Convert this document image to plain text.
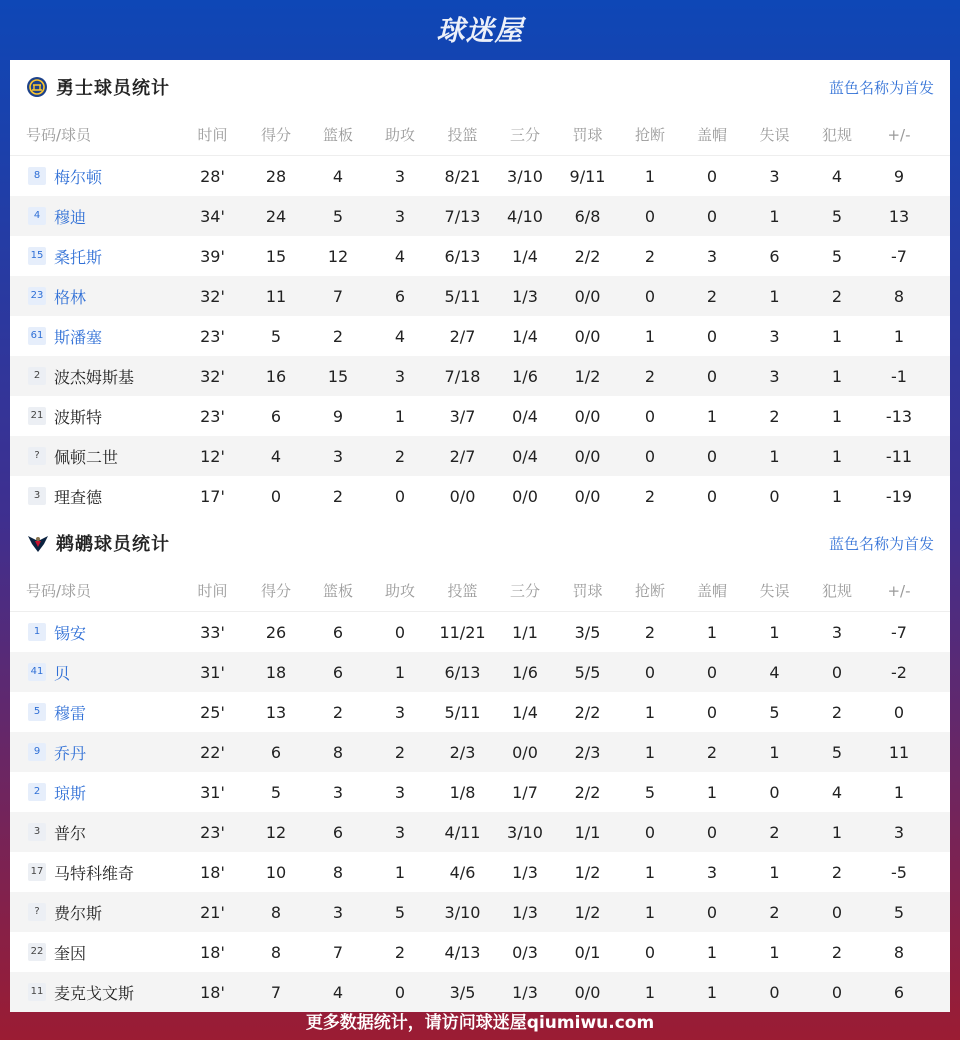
球迷屋
勇士球员统计	蓝色名称为首发
号码/球员	时间	得分	篮板	助攻	投篮	三分	罚球	抢断	盖帽	失误	犯规	+/-
8 梅尔顿	28'	28	4	3	8/21	3/10	9/11	1	0	3	4	9
4 穆迪	34'	24	5	3	7/13	4/10	6/8	0	0	1	5	13
15 桑托斯	39'	15	12	4	6/13	1/4	2/2	2	3	6	5	-7
23 格林	32'	11	7	6	5/11	1/3	0/0	0	2	1	2	8
61 斯潘塞	23'	5	2	4	2/7	1/4	0/0	1	0	3	1	1
2 波杰姆斯基	32'	16	15	3	7/18	1/6	1/2	2	0	3	1	-1
21 波斯特	23'	6	9	1	3/7	0/4	0/0	0	1	2	1	-13
? 佩顿二世	12'	4	3	2	2/7	0/4	0/0	0	0	1	1	-11
3 理查德	17'	0	2	0	0/0	0/0	0/0	2	0	0	1	-19
鹈鹕球员统计	蓝色名称为首发
号码/球员	时间	得分	篮板	助攻	投篮	三分	罚球	抢断	盖帽	失误	犯规	+/-
1 锡安	33'	26	6	0	11/21	1/1	3/5	2	1	1	3	-7
41 贝	31'	18	6	1	6/13	1/6	5/5	0	0	4	0	-2
5 穆雷	25'	13	2	3	5/11	1/4	2/2	1	0	5	2	0
9 乔丹	22'	6	8	2	2/3	0/0	2/3	1	2	1	5	11
2 琼斯	31'	5	3	3	1/8	1/7	2/2	5	1	0	4	1
3 普尔	23'	12	6	3	4/11	3/10	1/1	0	0	2	1	3
17 马特科维奇	18'	10	8	1	4/6	1/3	1/2	1	3	1	2	-5
? 费尔斯	21'	8	3	5	3/10	1/3	1/2	1	0	2	0	5
22 奎因	18'	8	7	2	4/13	0/3	0/1	0	1	1	2	8
11 麦克戈文斯	18'	7	4	0	3/5	1/3	0/0	1	1	0	0	6
更多数据统计，请访问球迷屋qiumiwu.com
